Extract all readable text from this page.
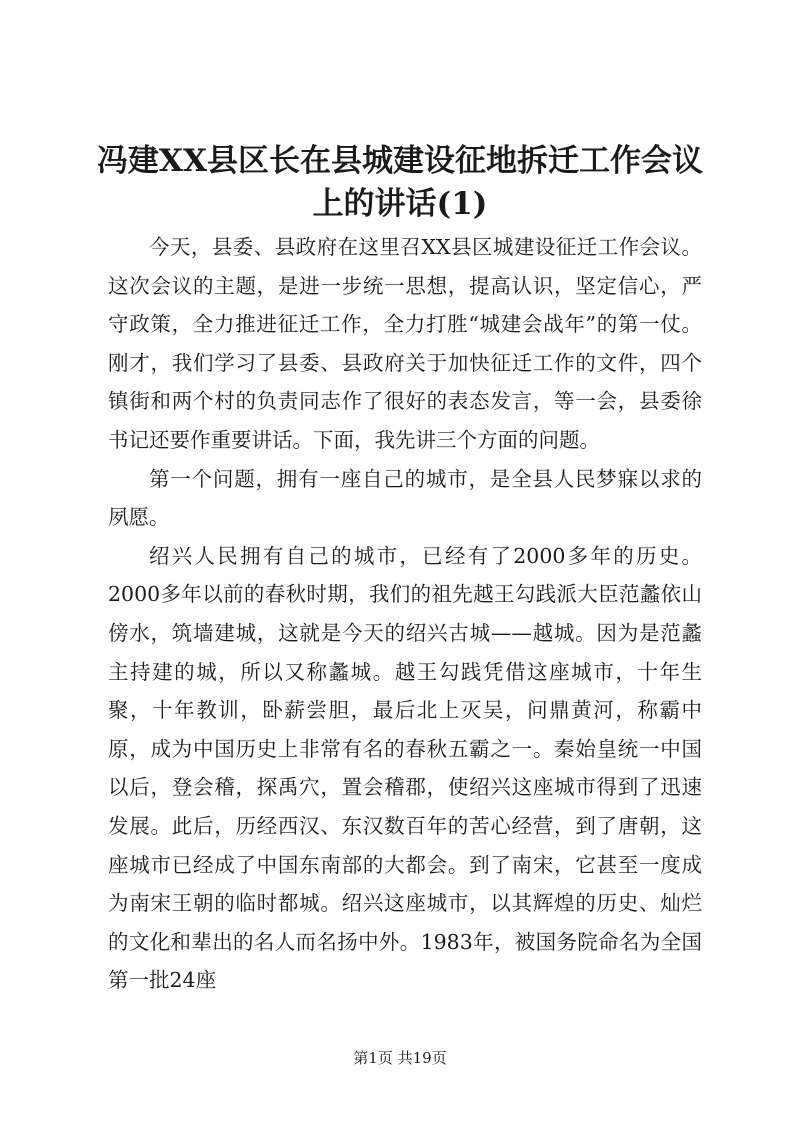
冯建XX县区长在县城建设征地拆迁工作会议
上的讲话(1)

今天，县委、县政府在这里召XX县区城建设征迁工作会议。这次会议的主题，是进一步统一思想，提高认识，坚定信心，严守政策，全力推进征迁工作，全力打胜“城建会战年”的第一仗。刚才，我们学习了县委、县政府关于加快征迁工作的文件，四个镇街和两个村的负责同志作了很好的表态发言，等一会，县委徐书记还要作重要讲话。下面，我先讲三个方面的问题。

第一个问题，拥有一座自己的城市，是全县人民梦寐以求的夙愿。

绍兴人民拥有自己的城市，已经有了2000多年的历史。2000多年以前的春秋时期，我们的祖先越王勾践派大臣范蠡依山傍水，筑墙建城，这就是今天的绍兴古城——越城。因为是范蠡主持建的城，所以又称蠡城。越王勾践凭借这座城市，十年生聚，十年教训，卧薪尝胆，最后北上灭吴，问鼎黄河，称霸中原，成为中国历史上非常有名的春秋五霸之一。秦始皇统一中国以后，登会稽，探禹穴，置会稽郡，使绍兴这座城市得到了迅速发展。此后，历经西汉、东汉数百年的苦心经营，到了唐朝，这座城市已经成了中国东南部的大都会。到了南宋，它甚至一度成为南宋王朝的临时都城。绍兴这座城市，以其辉煌的历史、灿烂的文化和辈出的名人而名扬中外。1983年，被国务院命名为全国第一批24座

第1页 共19页
